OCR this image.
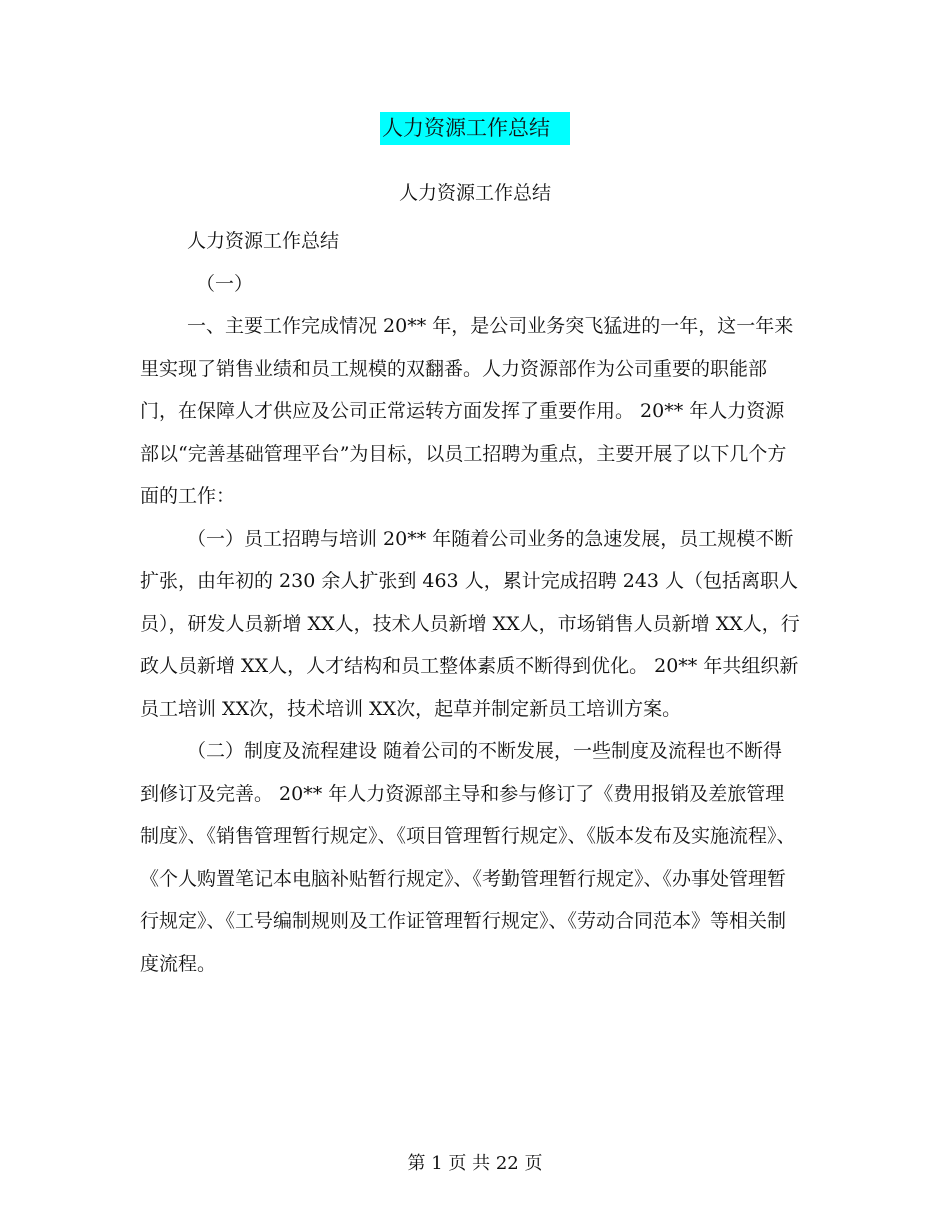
人力资源工作总结
人力资源工作总结

人力资源工作总结

（一）

一、主要工作完成情况 20** 年，是公司业务突飞猛进的一年，这一年来里实现了销售业绩和员工规模的双翻番。人力资源部作为公司重要的职能部门，在保障人才供应及公司正常运转方面发挥了重要作用。 20** 年人力资源部以“完善基础管理平台”为目标，以员工招聘为重点，主要开展了以下几个方面的工作：

（一）员工招聘与培训 20** 年随着公司业务的急速发展，员工规模不断扩张，由年初的 230 余人扩张到 463 人，累计完成招聘 243 人（包括离职人员），研发人员新增 XX人，技术人员新增 XX人，市场销售人员新增 XX人，行政人员新增 XX人，人才结构和员工整体素质不断得到优化。 20** 年共组织新员工培训 XX次，技术培训 XX次，起草并制定新员工培训方案。

（二）制度及流程建设 随着公司的不断发展，一些制度及流程也不断得到修订及完善。 20** 年人力资源部主导和参与修订了《费用报销及差旅管理制度》、《销售管理暂行规定》、《项目管理暂行规定》、《版本发布及实施流程》、《个人购置笔记本电脑补贴暂行规定》、《考勤管理暂行规定》、《办事处管理暂行规定》、《工号编制规则及工作证管理暂行规定》、《劳动合同范本》等相关制度流程。

第 1 页 共 22 页
